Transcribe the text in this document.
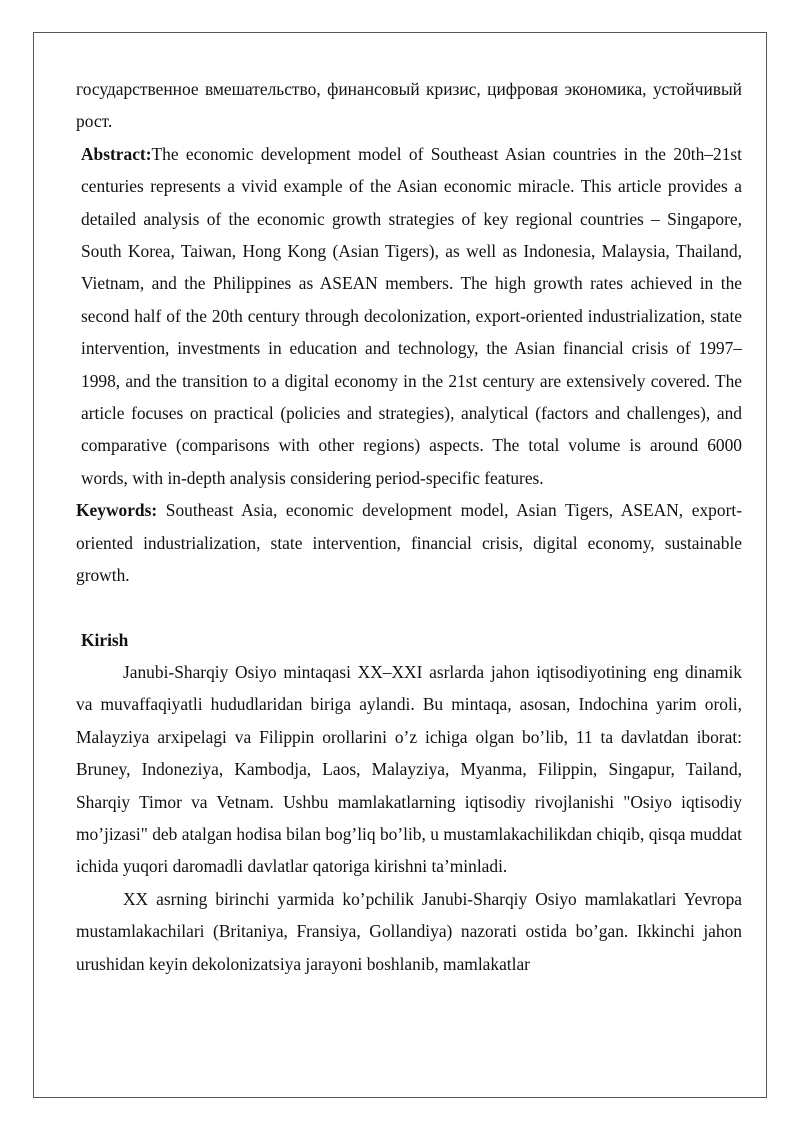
государственное вмешательство, финансовый кризис, цифровая экономика, устойчивый рост.

Abstract:The economic development model of Southeast Asian countries in the 20th–21st centuries represents a vivid example of the Asian economic miracle. This article provides a detailed analysis of the economic growth strategies of key regional countries – Singapore, South Korea, Taiwan, Hong Kong (Asian Tigers), as well as Indonesia, Malaysia, Thailand, Vietnam, and the Philippines as ASEAN members. The high growth rates achieved in the second half of the 20th century through decolonization, export-oriented industrialization, state intervention, investments in education and technology, the Asian financial crisis of 1997–1998, and the transition to a digital economy in the 21st century are extensively covered. The article focuses on practical (policies and strategies), analytical (factors and challenges), and comparative (comparisons with other regions) aspects. The total volume is around 6000 words, with in-depth analysis considering period-specific features.

Keywords: Southeast Asia, economic development model, Asian Tigers, ASEAN, export-oriented industrialization, state intervention, financial crisis, digital economy, sustainable growth.

Kirish

Janubi-Sharqiy Osiyo mintaqasi XX–XXI asrlarda jahon iqtisodiyotining eng dinamik va muvaffaqiyatli hududlaridan biriga aylandi. Bu mintaqa, asosan, Indochina yarim oroli, Malayziya arxipelagi va Filippin orollarini o’z ichiga olgan bo’lib, 11 ta davlatdan iborat: Bruney, Indoneziya, Kambodja, Laos, Malayziya, Myanma, Filippin, Singapur, Tailand, Sharqiy Timor va Vetnam. Ushbu mamlakatlarning iqtisodiy rivojlanishi "Osiyo iqtisodiy mo’jizasi" deb atalgan hodisa bilan bog’liq bo’lib, u mustamlakachilikdan chiqib, qisqa muddat ichida yuqori daromadli davlatlar qatoriga kirishni ta’minladi.

XX asrning birinchi yarmida ko’pchilik Janubi-Sharqiy Osiyo mamlakatlari Yevropa mustamlakachilari (Britaniya, Fransiya, Gollandiya) nazorati ostida bo’gan. Ikkinchi jahon urushidan keyin dekolonizatsiya jarayoni boshlanib, mamlakatlar
